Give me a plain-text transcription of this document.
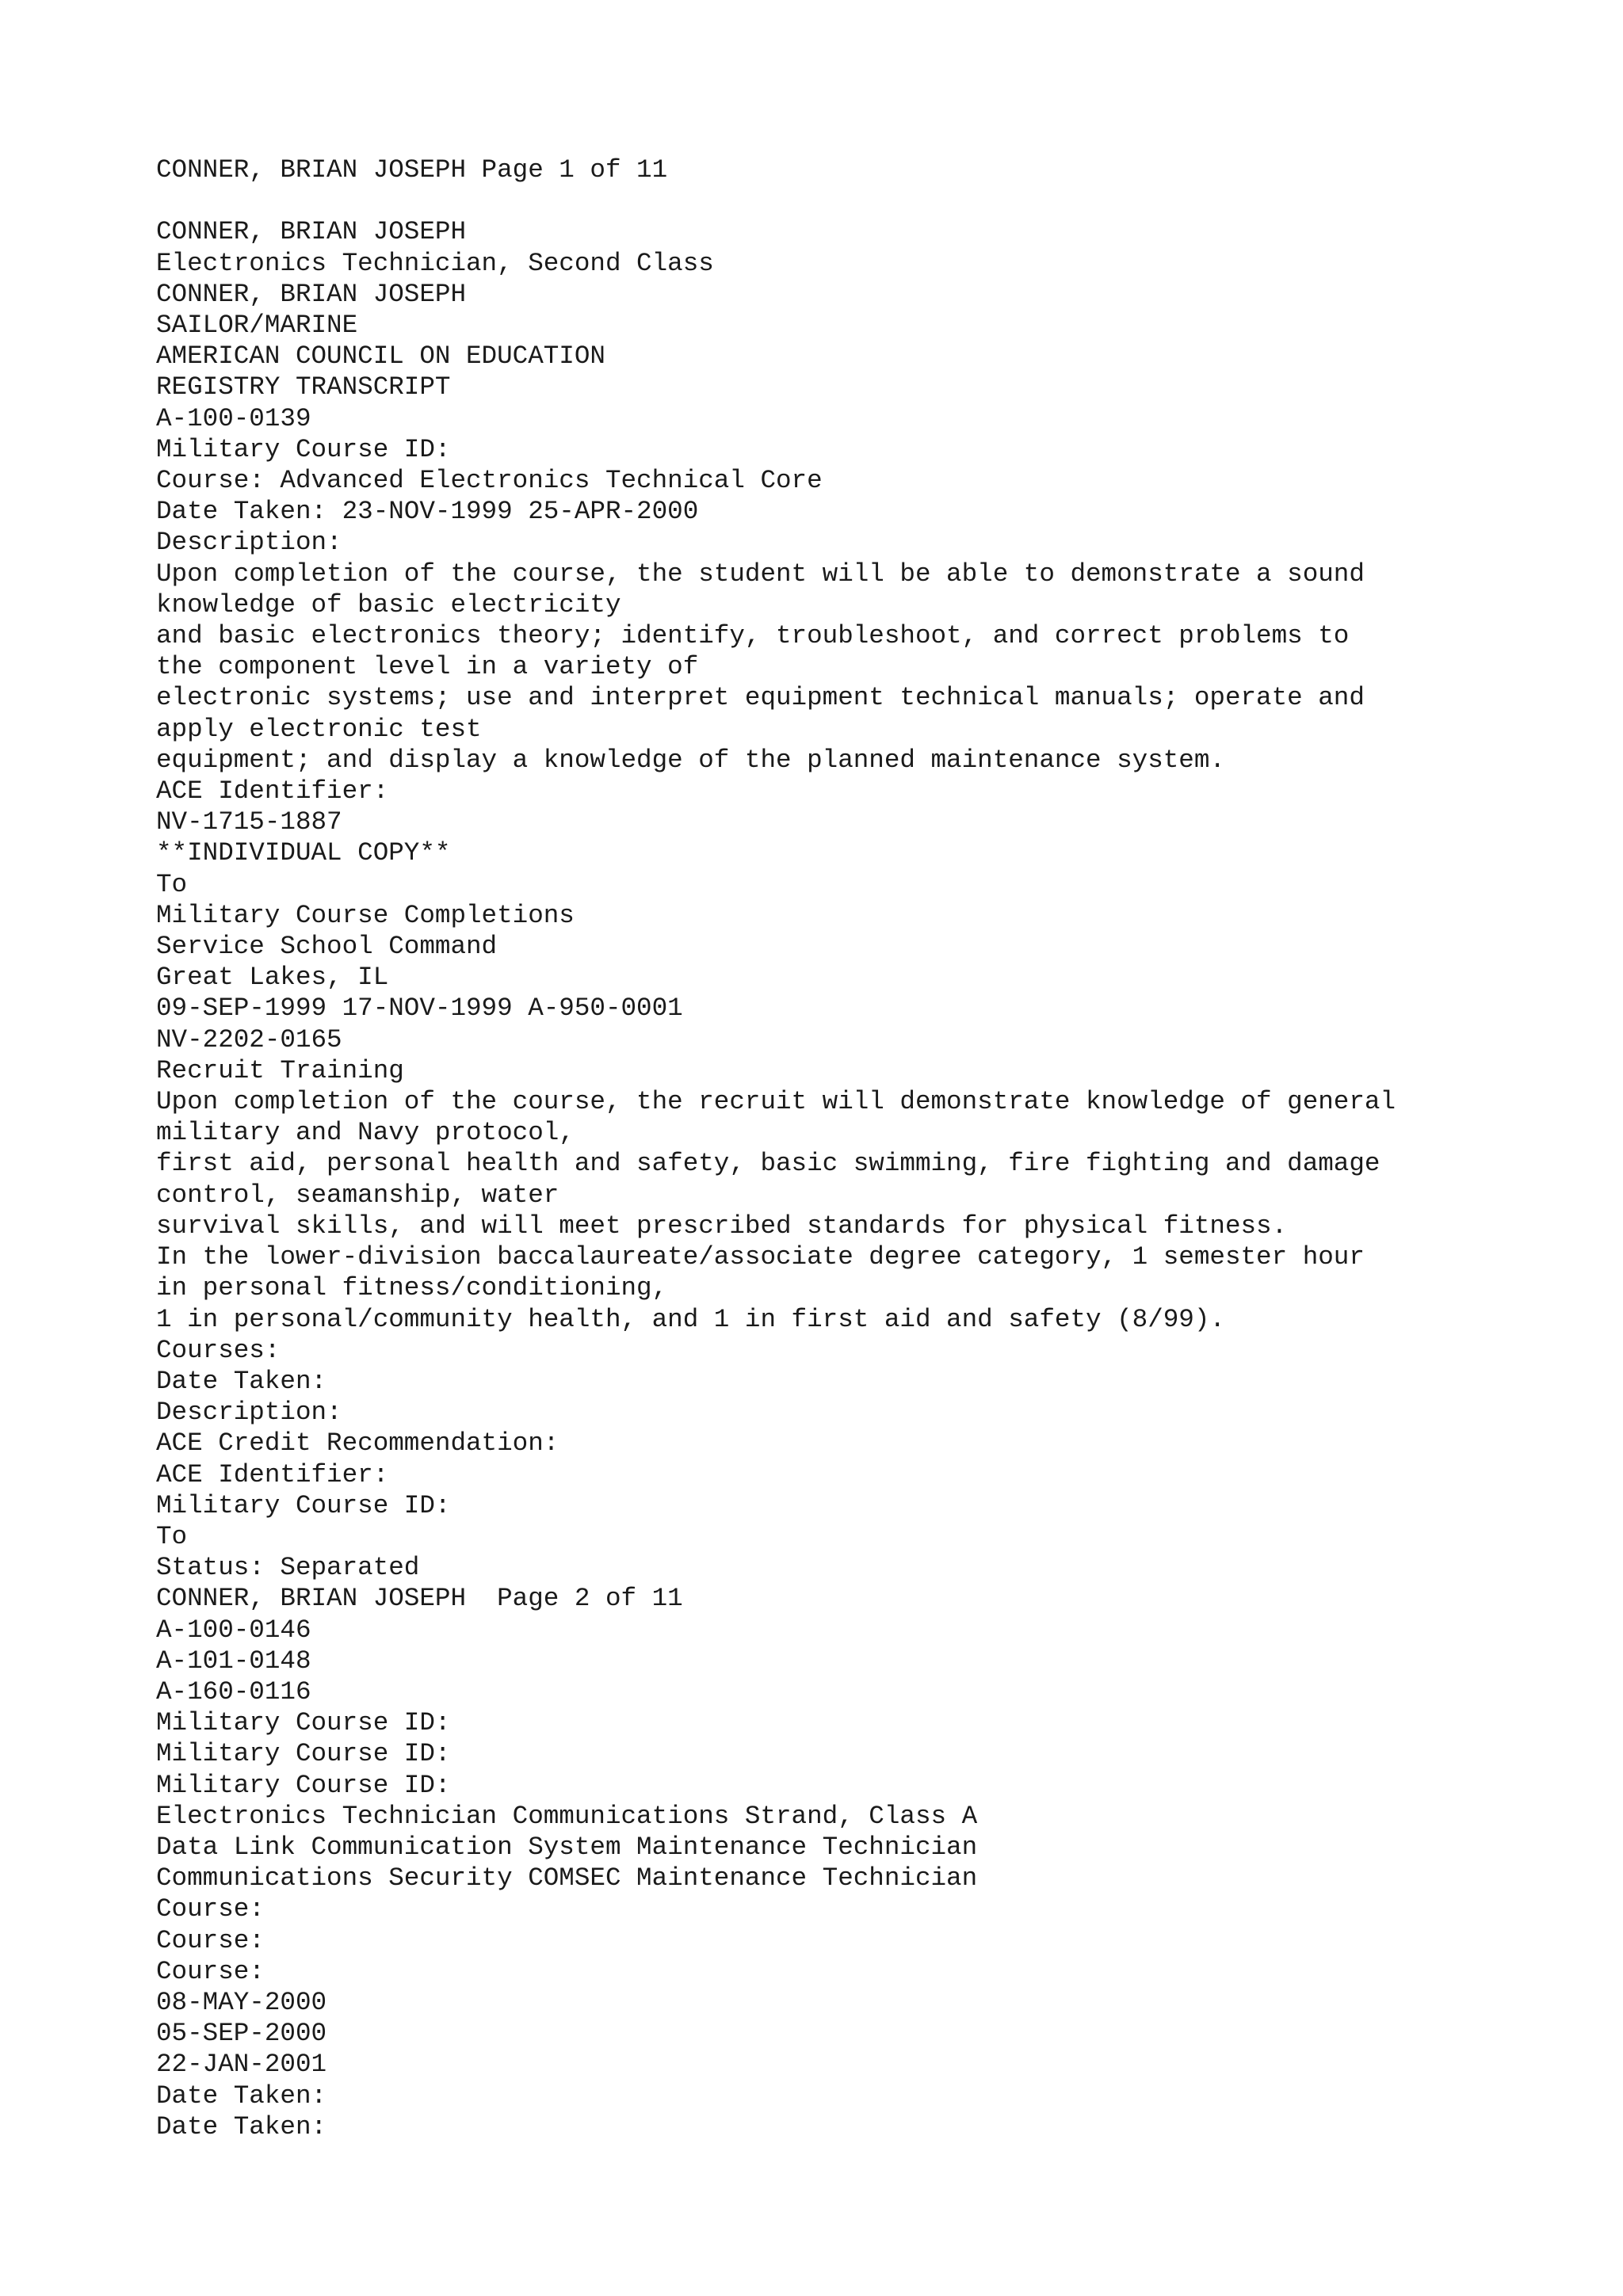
CONNER, BRIAN JOSEPH Page 1 of 11
CONNER, BRIAN JOSEPH
Electronics Technician, Second Class
CONNER, BRIAN JOSEPH
SAILOR/MARINE
AMERICAN COUNCIL ON EDUCATION
REGISTRY TRANSCRIPT
A-100-0139
Military Course ID:
Course: Advanced Electronics Technical Core
Date Taken: 23-NOV-1999 25-APR-2000
Description:
Upon completion of the course, the student will be able to demonstrate a sound
knowledge of basic electricity
and basic electronics theory; identify, troubleshoot, and correct problems to
the component level in a variety of
electronic systems; use and interpret equipment technical manuals; operate and
apply electronic test
equipment; and display a knowledge of the planned maintenance system.
ACE Identifier:
NV-1715-1887
**INDIVIDUAL COPY**
To
Military Course Completions
Service School Command
Great Lakes, IL
09-SEP-1999 17-NOV-1999 A-950-0001
NV-2202-0165
Recruit Training
Upon completion of the course, the recruit will demonstrate knowledge of general
military and Navy protocol,
first aid, personal health and safety, basic swimming, fire fighting and damage
control, seamanship, water
survival skills, and will meet prescribed standards for physical fitness.
In the lower-division baccalaureate/associate degree category, 1 semester hour
in personal fitness/conditioning,
1 in personal/community health, and 1 in first aid and safety (8/99).
Courses:
Date Taken:
Description:
ACE Credit Recommendation:
ACE Identifier:
Military Course ID:
To
Status: Separated
CONNER, BRIAN JOSEPH  Page 2 of 11
A-100-0146
A-101-0148
A-160-0116
Military Course ID:
Military Course ID:
Military Course ID:
Electronics Technician Communications Strand, Class A
Data Link Communication System Maintenance Technician
Communications Security COMSEC Maintenance Technician
Course:
Course:
Course:
08-MAY-2000
05-SEP-2000
22-JAN-2001
Date Taken:
Date Taken:
